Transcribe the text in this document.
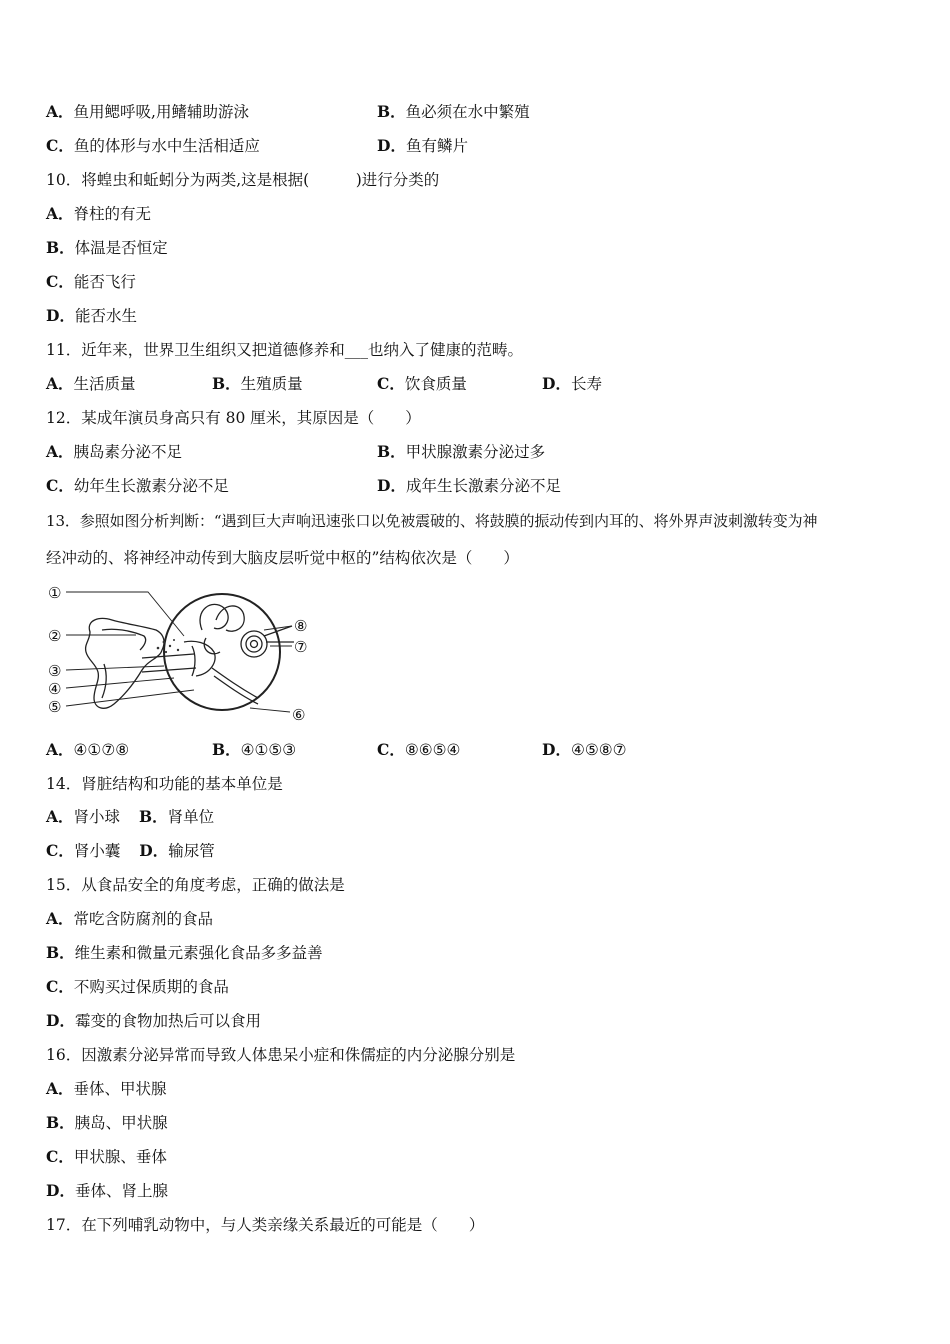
A．鱼用鳃呼吸,用鳍辅助游泳	B．鱼必须在水中繁殖
C．鱼的体形与水中生活相适应	D．鱼有鳞片
10．将蝗虫和蚯蚓分为两类,这是根据(　　　)进行分类的
A．脊柱的有无
B．体温是否恒定
C．能否飞行
D．能否水生
11．近年来，世界卫生组织又把道德修养和___也纳入了健康的范畴。
A．生活质量	B．生殖质量	C．饮食质量	D．长寿
12．某成年演员身高只有 80 厘米，其原因是（　　）
A．胰岛素分泌不足	B．甲状腺激素分泌过多
C．幼年生长激素分泌不足	D．成年生长激素分泌不足
13．参照如图分析判断：“遇到巨大声响迅速张口以免被震破的、将鼓膜的振动传到内耳的、将外界声波刺激转变为神
经冲动的、将神经冲动传到大脑皮层听觉中枢的”结构依次是（　　）
①
②
③
④
⑤	⑥
⑦
⑧
A．④①⑦⑧	B．④①⑤③	C．⑧⑥⑤④	D．④⑤⑧⑦
14．肾脏结构和功能的基本单位是
A．肾小球 B．肾单位
C．肾小囊 D．输尿管
15．从食品安全的角度考虑，正确的做法是
A．常吃含防腐剂的食品
B．维生素和微量元素强化食品多多益善
C．不购买过保质期的食品
D．霉变的食物加热后可以食用
16．因激素分泌异常而导致人体患呆小症和侏儒症的内分泌腺分别是
A．垂体、甲状腺
B．胰岛、甲状腺
C．甲状腺、垂体
D．垂体、肾上腺
17．在下列哺乳动物中，与人类亲缘关系最近的可能是（　　）
